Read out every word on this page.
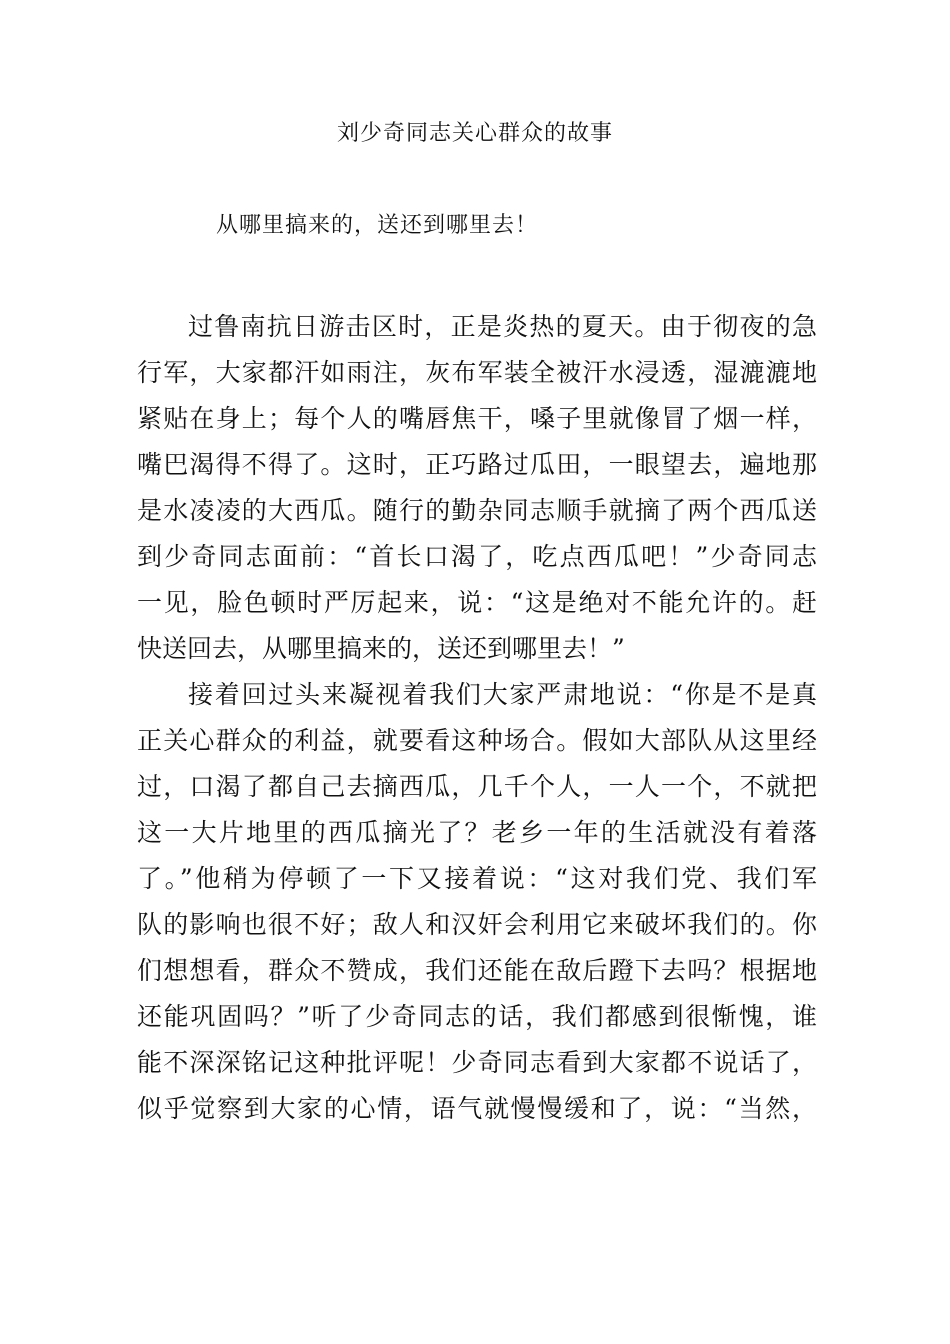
刘少奇同志关心群众的故事
从哪里搞来的，送还到哪里去！
过鲁南抗日游击区时，正是炎热的夏天。由于彻夜的急
行军，大家都汗如雨注，灰布军装全被汗水浸透，湿漉漉地
紧贴在身上；每个人的嘴唇焦干，嗓子里就像冒了烟一样，
嘴巴渴得不得了。这时，正巧路过瓜田，一眼望去，遍地那
是水凌凌的大西瓜。随行的勤杂同志顺手就摘了两个西瓜送
到少奇同志面前：“首长口渴了，吃点西瓜吧！”少奇同志
一见，脸色顿时严厉起来，说：“这是绝对不能允许的。赶
快送回去，从哪里搞来的，送还到哪里去！”
接着回过头来凝视着我们大家严肃地说：“你是不是真
正关心群众的利益，就要看这种场合。假如大部队从这里经
过，口渴了都自己去摘西瓜，几千个人，一人一个，不就把
这一大片地里的西瓜摘光了？老乡一年的生活就没有着落
了。”他稍为停顿了一下又接着说：“这对我们党、我们军
队的影响也很不好；敌人和汉奸会利用它来破坏我们的。你
们想想看，群众不赞成，我们还能在敌后蹬下去吗？根据地
还能巩固吗？”听了少奇同志的话，我们都感到很惭愧，谁
能不深深铭记这种批评呢！少奇同志看到大家都不说话了，
似乎觉察到大家的心情，语气就慢慢缓和了，说：“当然，
